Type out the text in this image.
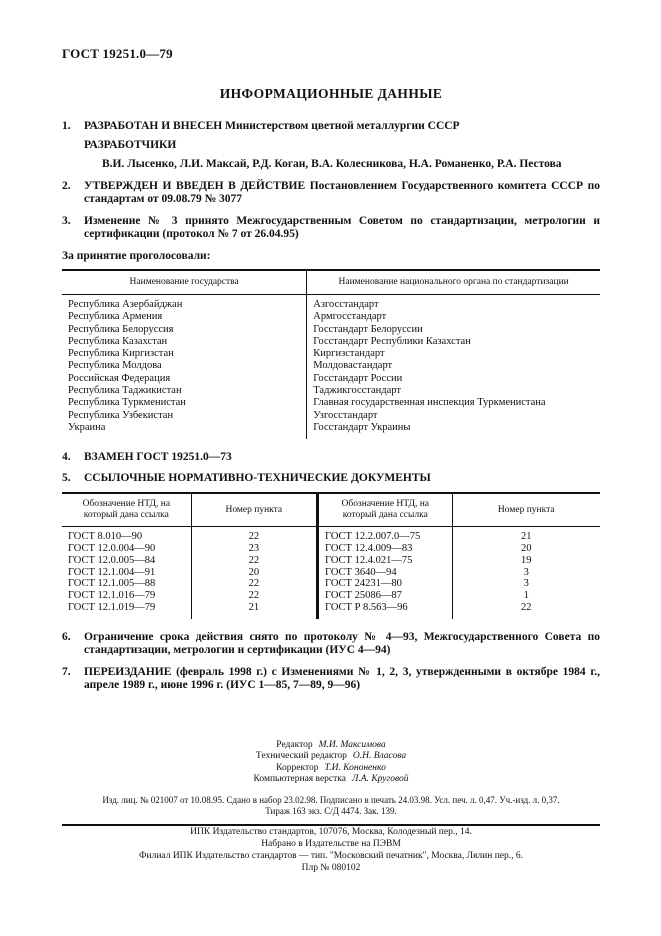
ГОСТ 19251.0—79
ИНФОРМАЦИОННЫЕ ДАННЫЕ
1.	РАЗРАБОТАН И ВНЕСЕН Министерством цветной металлургии СССР
РАЗРАБОТЧИКИ
В.И. Лысенко, Л.И. Максай, Р.Д. Коган, В.А. Колесникова, Н.А. Романенко, Р.А. Пестова
2.	УТВЕРЖДЕН И ВВЕДЕН В ДЕЙСТВИЕ Постановлением Государственного комитета СССР по стандартам от 09.08.79 № 3077
3.	Изменение № 3 принято Межгосударственным Советом по стандартизации, метрологии и сертификации (протокол № 7 от 26.04.95)
За принятие проголосовали:
Наименование государства	Наименование национального органа по стандартизации
Республика Азербайджан	Азгосстандарт
Республика Армения	Армгосстандарт
Республика Белоруссия	Госстандарт Белоруссии
Республика Казахстан	Госстандарт Республики Казахстан
Республика Киргизстан	Киргизстандарт
Республика Молдова	Молдовастандарт
Российская Федерация	Госстандарт России
Республика Таджикистан	Таджикгосстандарт
Республика Туркменистан	Главная государственная инспекция Туркменистана
Республика Узбекистан	Узгосстандарт
Украина	Госстандарт Украины
4.	ВЗАМЕН ГОСТ 19251.0—73
5.	ССЫЛОЧНЫЕ НОРМАТИВНО-ТЕХНИЧЕСКИЕ ДОКУМЕНТЫ
Обозначение НТД, на который дана ссылка	Номер пункта	Обозначение НТД, на который дана ссылка	Номер пункта
ГОСТ 8.010—90	22	ГОСТ 12.2.007.0—75	21
ГОСТ 12.0.004—90	23	ГОСТ 12.4.009—83	20
ГОСТ 12.0.005—84	22	ГОСТ 12.4.021—75	19
ГОСТ 12.1.004—91	20	ГОСТ 3640—94	3
ГОСТ 12.1.005—88	22	ГОСТ 24231—80	3
ГОСТ 12.1.016—79	22	ГОСТ 25086—87	1
ГОСТ 12.1.019—79	21	ГОСТ Р 8.563—96	22
6.	Ограничение срока действия снято по протоколу № 4—93, Межгосударственного Совета по стандартизации, метрологии и сертификации (ИУС 4—94)
7.	ПЕРЕИЗДАНИЕ (февраль 1998 г.) с Изменениями № 1, 2, 3, утвержденными в октябре 1984 г., апреле 1989 г., июне 1996 г. (ИУС 1—85, 7—89, 9—96)
Редактор М.И. Максимова
Технический редактор О.Н. Власова
Корректор Т.И. Кононенко
Компьютерная верстка Л.А. Круговой
Изд. лиц. № 021007 от 10.08.95. Сдано в набор 23.02.98. Подписано в печать 24.03.98. Усл. печ. л. 0,47. Уч.-изд. л. 0,37.
Тираж 163 экз. С/Д 4474. Зак. 139.
ИПК Издательство стандартов, 107076, Москва, Колодезный пер., 14.
Набрано в Издательстве на ПЭВМ
Филиал ИПК Издательство стандартов — тип. "Московский печатник", Москва, Лялин пер., 6.
Плр № 080102
